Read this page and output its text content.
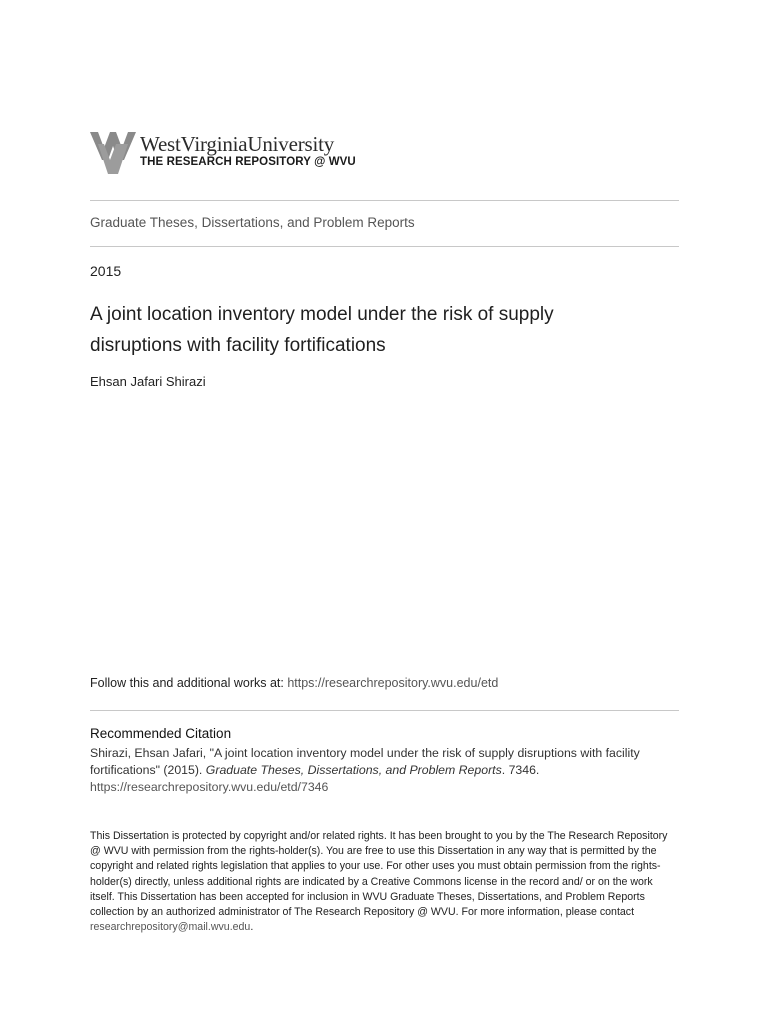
WestVirginiaUniversity
THE RESEARCH REPOSITORY @ WVU
Graduate Theses, Dissertations, and Problem Reports
2015
A joint location inventory model under the risk of supply disruptions with facility fortifications
Ehsan Jafari Shirazi
Follow this and additional works at: https://researchrepository.wvu.edu/etd
Recommended Citation
Shirazi, Ehsan Jafari, "A joint location inventory model under the risk of supply disruptions with facility fortifications" (2015). Graduate Theses, Dissertations, and Problem Reports. 7346.
https://researchrepository.wvu.edu/etd/7346
This Dissertation is protected by copyright and/or related rights. It has been brought to you by the The Research Repository @ WVU with permission from the rights-holder(s). You are free to use this Dissertation in any way that is permitted by the copyright and related rights legislation that applies to your use. For other uses you must obtain permission from the rights-holder(s) directly, unless additional rights are indicated by a Creative Commons license in the record and/ or on the work itself. This Dissertation has been accepted for inclusion in WVU Graduate Theses, Dissertations, and Problem Reports collection by an authorized administrator of The Research Repository @ WVU. For more information, please contact researchrepository@mail.wvu.edu.
